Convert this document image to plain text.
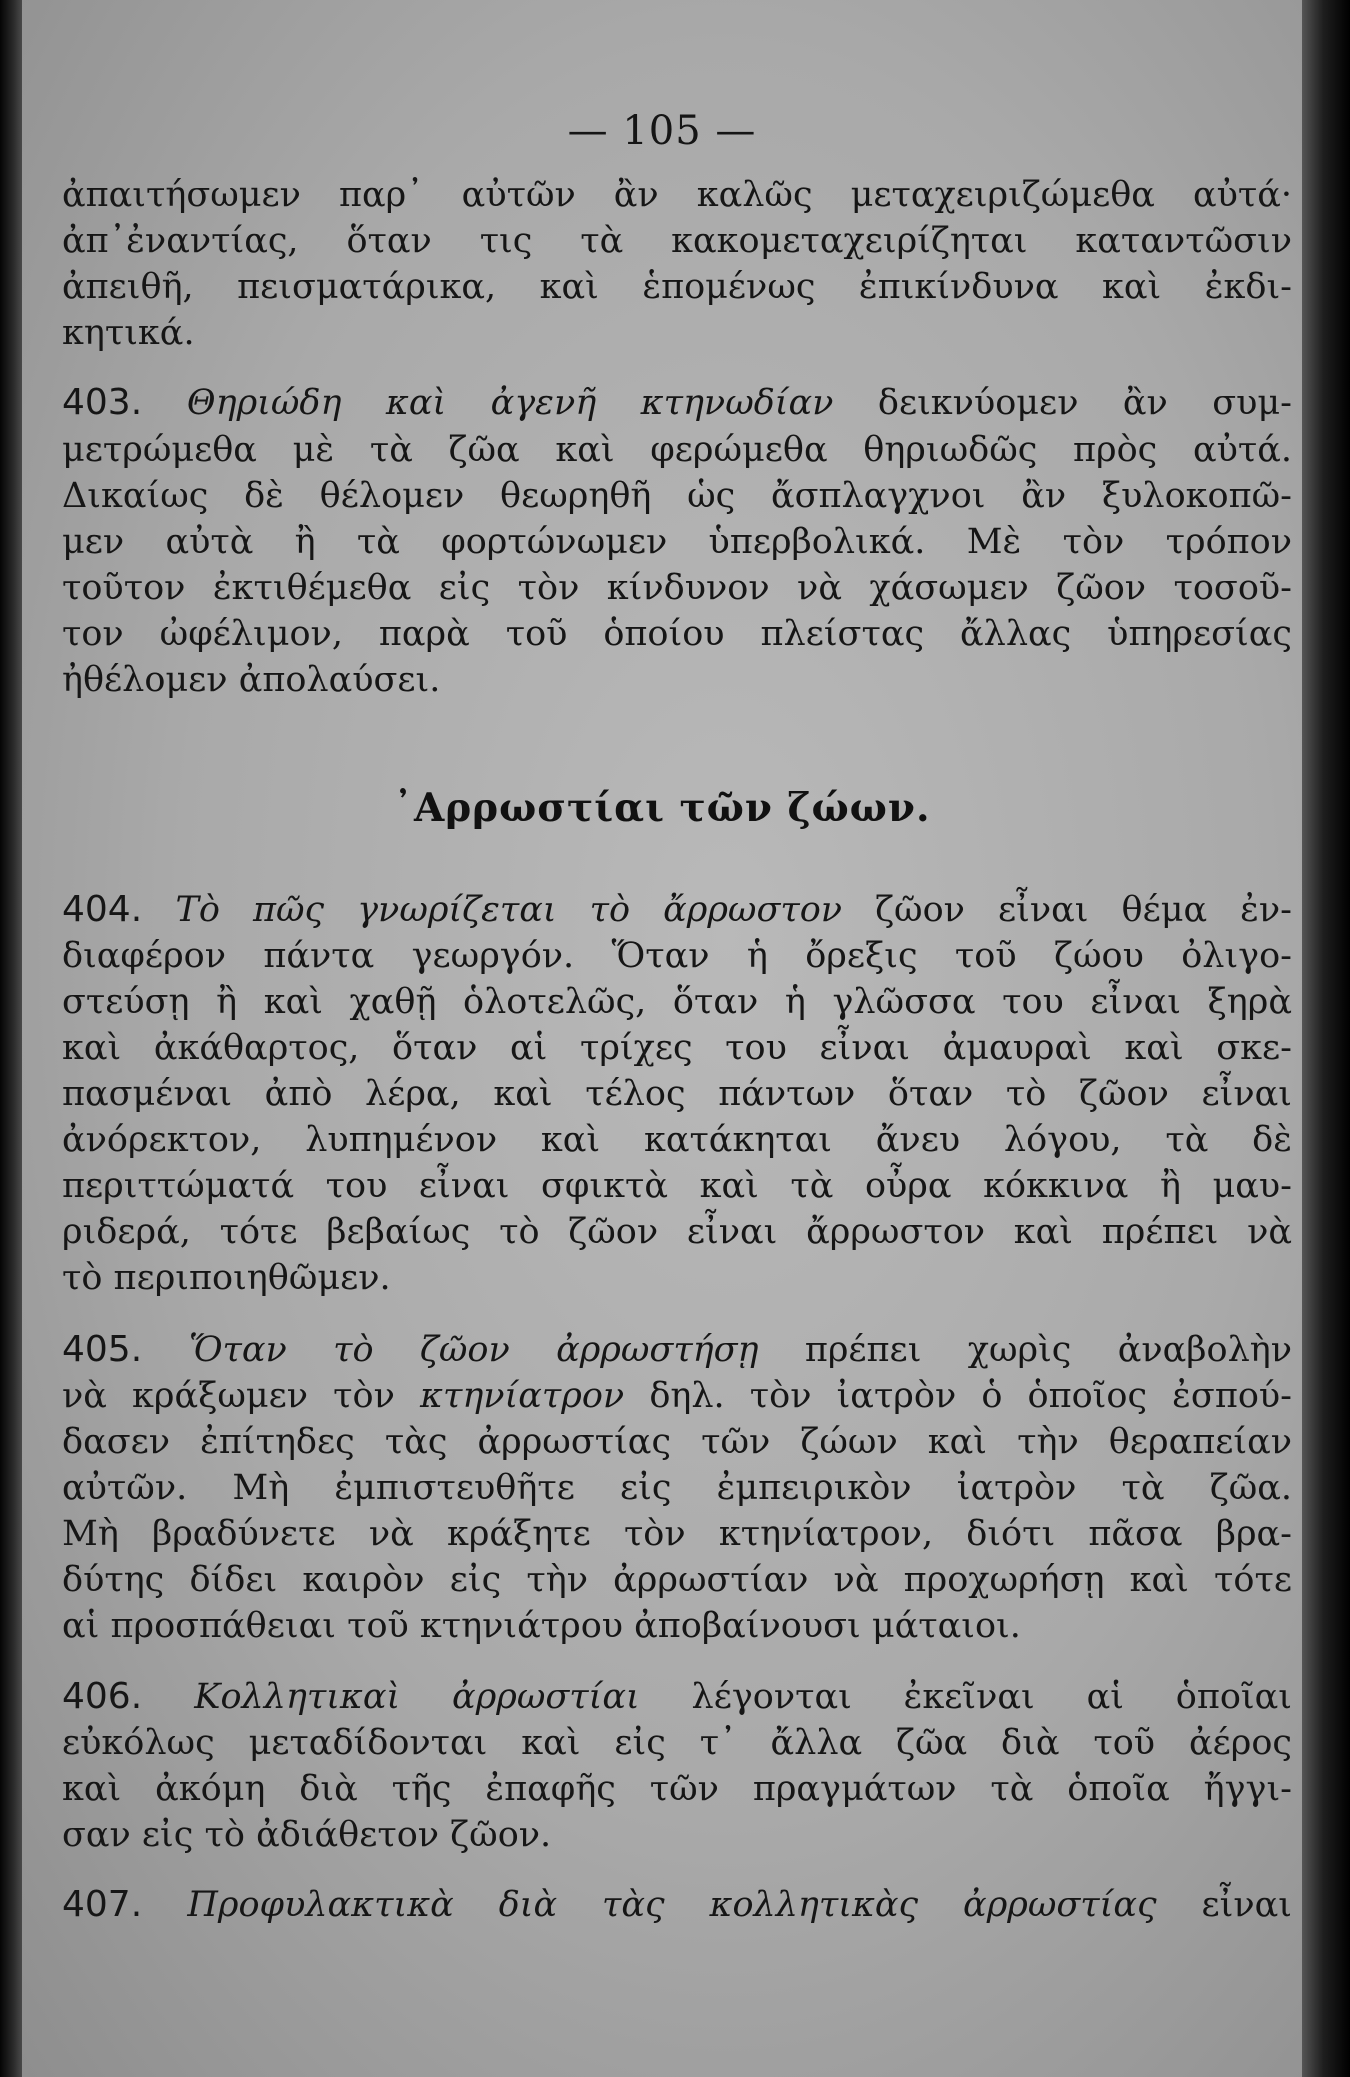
— 105 —
ἀπαιτήσωμεν παρ᾿ αὐτῶν ἂν καλῶς μεταχειριζώμεθα αὐτά·
ἀπ᾿ἐναντίας, ὅταν τις τὰ κακομεταχειρίζηται καταντῶσιν
ἀπειθῆ, πεισματάρικα, καὶ ἑπομένως ἐπικίνδυνα καὶ ἐκδι-
κητικά.
403. Θηριώδη καὶ ἀγενῆ κτηνωδίαν δεικνύομεν ἂν συμ-
μετρώμεθα μὲ τὰ ζῶα καὶ φερώμεθα θηριωδῶς πρὸς αὐτά.
Δικαίως δὲ θέλομεν θεωρηθῆ ὡς ἄσπλαγχνοι ἂν ξυλοκοπῶ-
μεν αὐτὰ ἢ τὰ φορτώνωμεν ὑπερβολικά. Μὲ τὸν τρόπον
τοῦτον ἐκτιθέμεθα εἰς τὸν κίνδυνον νὰ χάσωμεν ζῶον τοσοῦ-
τον ὠφέλιμον, παρὰ τοῦ ὁποίου πλείστας ἄλλας ὑπηρεσίας
ἠθέλομεν ἀπολαύσει.
᾿Αρρωστίαι τῶν ζώων.
404. Τὸ πῶς γνωρίζεται τὸ ἄρρωστον ζῶον εἶναι θέμα ἐν-
διαφέρον πάντα γεωργόν. Ὅταν ἡ ὄρεξις τοῦ ζώου ὀλιγο-
στεύσῃ ἢ καὶ χαθῇ ὁλοτελῶς, ὅταν ἡ γλῶσσα του εἶναι ξηρὰ
καὶ ἀκάθαρτος, ὅταν αἱ τρίχες του εἶναι ἀμαυραὶ καὶ σκε-
πασμέναι ἀπὸ λέρα, καὶ τέλος πάντων ὅταν τὸ ζῶον εἶναι
ἀνόρεκτον, λυπημένον καὶ κατάκηται ἄνευ λόγου, τὰ δὲ
περιττώματά του εἶναι σφικτὰ καὶ τὰ οὖρα κόκκινα ἢ μαυ-
ριδερά, τότε βεβαίως τὸ ζῶον εἶναι ἄρρωστον καὶ πρέπει νὰ
τὸ περιποιηθῶμεν.
405. Ὅταν τὸ ζῶον ἀρρωστήσῃ πρέπει χωρὶς ἀναβολὴν
νὰ κράξωμεν τὸν κτηνίατρον δηλ. τὸν ἰατρὸν ὁ ὁποῖος ἐσπού-
δασεν ἐπίτηδες τὰς ἀρρωστίας τῶν ζώων καὶ τὴν θεραπείαν
αὐτῶν. Μὴ ἐμπιστευθῆτε εἰς ἐμπειρικὸν ἰατρὸν τὰ ζῶα.
Μὴ βραδύνετε νὰ κράξητε τὸν κτηνίατρον, διότι πᾶσα βρα-
δύτης δίδει καιρὸν εἰς τὴν ἀρρωστίαν νὰ προχωρήσῃ καὶ τότε
αἱ προσπάθειαι τοῦ κτηνιάτρου ἀποβαίνουσι μάταιοι.
406. Κολλητικαὶ ἀρρωστίαι λέγονται ἐκεῖναι αἱ ὁποῖαι
εὐκόλως μεταδίδονται καὶ εἰς τ᾿ ἄλλα ζῶα διὰ τοῦ ἀέρος
καὶ ἀκόμη διὰ τῆς ἐπαφῆς τῶν πραγμάτων τὰ ὁποῖα ἤγγι-
σαν εἰς τὸ ἀδιάθετον ζῶον.
407. Προφυλακτικὰ διὰ τὰς κολλητικὰς ἀρρωστίας εἶναι
